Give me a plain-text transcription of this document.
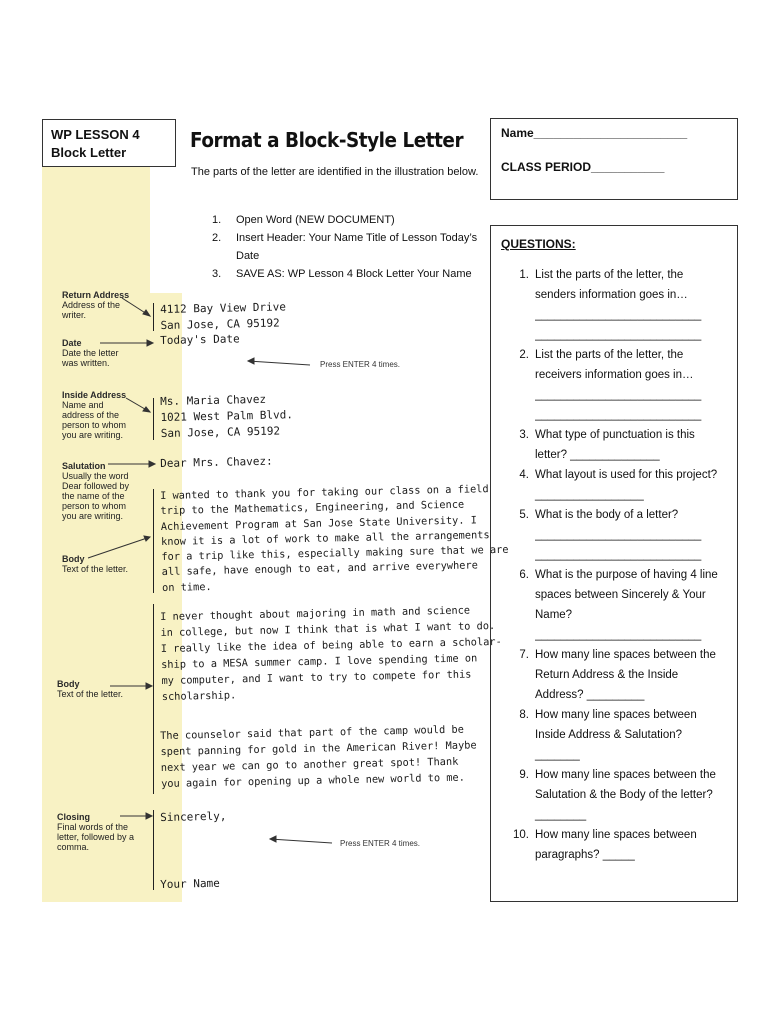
WP LESSON 4
Block Letter
Format a Block-Style Letter
The parts of the letter are identified in the illustration below.
1. Open Word (NEW DOCUMENT)
2. Insert Header: Your Name Title of Lesson Today’s Date
3. SAVE AS: WP Lesson 4 Block Letter Your Name
Return Address
Address of the writer.
Date
Date the letter was written.
Inside Address
Name and address of the person to whom you are writing.
Salutation
Usually the word Dear followed by the name of the person to whom you are writing.
Body
Text of the letter.
Body
Text of the letter.
Closing
Final words of the letter, followed by a comma.
4112 Bay View Drive
San Jose, CA 95192
Today's Date
Press ENTER 4 times.
Ms. Maria Chavez
1021 West Palm Blvd.
San Jose, CA 95192
Dear Mrs. Chavez:
I wanted to thank you for taking our class on a field
trip to the Mathematics, Engineering, and Science
Achievement Program at San Jose State University. I
know it is a lot of work to make all the arrangements
for a trip like this, especially making sure that we are
all safe, have enough to eat, and arrive everywhere
on time.
I never thought about majoring in math and science
in college, but now I think that is what I want to do.
I really like the idea of being able to earn a scholar-
ship to a MESA summer camp. I love spending time on
my computer, and I want to try to compete for this
scholarship.
The counselor said that part of the camp would be
spent panning for gold in the American River! Maybe
next year we can go to another great spot! Thank
you again for opening up a whole new world to me.
Sincerely,
Press ENTER 4 times.
Your Name
Name_______________________
CLASS PERIOD___________
QUESTIONS:
1. List the parts of the letter, the senders information goes in…
__________________________
__________________________
2. List the parts of the letter, the receivers information goes in…
__________________________
__________________________
3. What type of punctuation is this letter? ______________
4. What layout is used for this project? _________________
5. What is the body of a letter?
__________________________
__________________________
6. What is the purpose of having 4 line spaces between Sincerely & Your Name?
__________________________
7. How many line spaces between the Return Address & the Inside Address? _________
8. How many line spaces between Inside Address & Salutation? _______
9. How many line spaces between the Salutation & the Body of the letter? ________
10. How many line spaces between paragraphs? _____
